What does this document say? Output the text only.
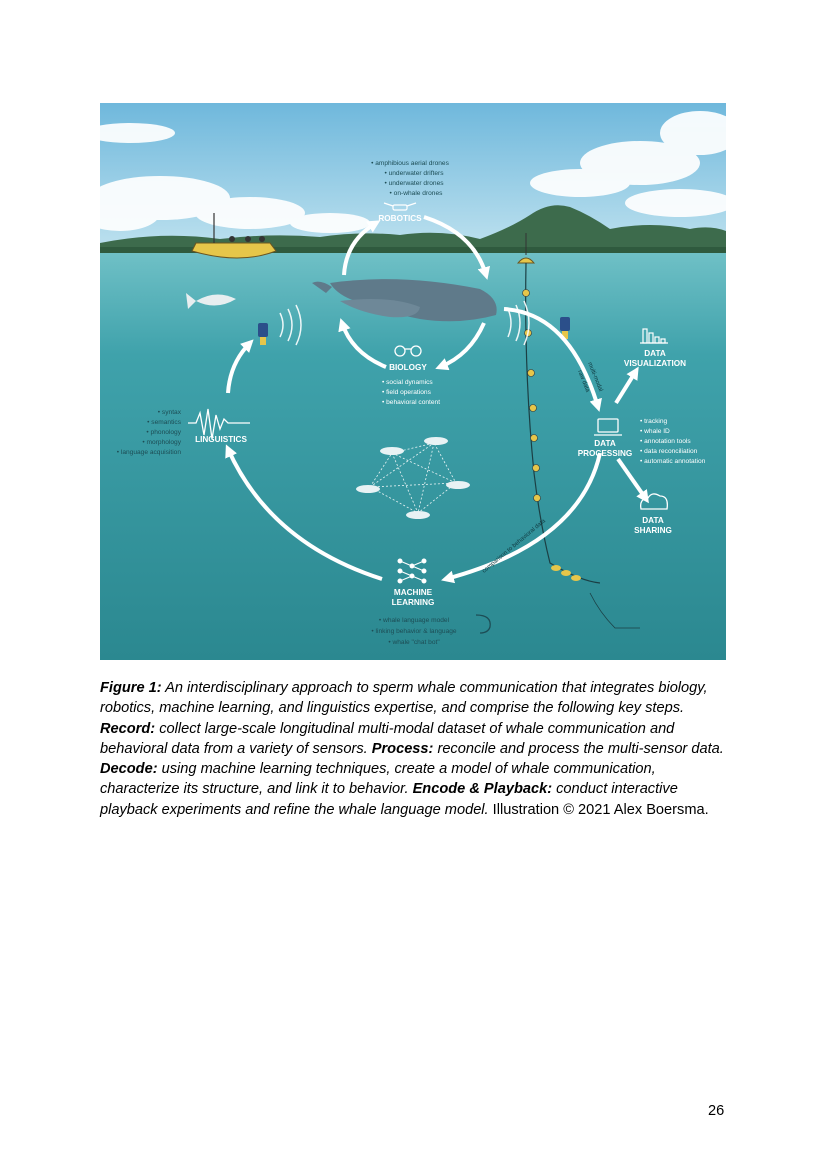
ROBOTICS
• amphibious aerial drones
• underwater drifters
• underwater drones
• on-whale drones
BIOLOGY
• social dynamics
• field operations
• behavioral content
LINGUISTICS
• syntax
• semantics
• phonology
• morphology
• language acquisition
DATA
VISUALIZATION
DATA
PROCESSING
• tracking
• whale ID
• annotation tools
• data reconciliation
• automatic annotation
DATA
SHARING
MACHINE
LEARNING
• whale language model
• linking behavior & language
• whale "chat bot"
multi-modal
raw data
comparison to behavioral data
Figure 1: An interdisciplinary approach to sperm whale communication that integrates biology, robotics, machine learning, and linguistics expertise, and comprise the following key steps. Record: collect large-scale longitudinal multi-modal dataset of whale communication and behavioral data from a variety of sensors. Process: reconcile and process the multi-sensor data. Decode: using machine learning techniques, create a model of whale communication, characterize its structure, and link it to behavior. Encode & Playback: conduct interactive playback experiments and refine the whale language model. Illustration © 2021 Alex Boersma.
26
